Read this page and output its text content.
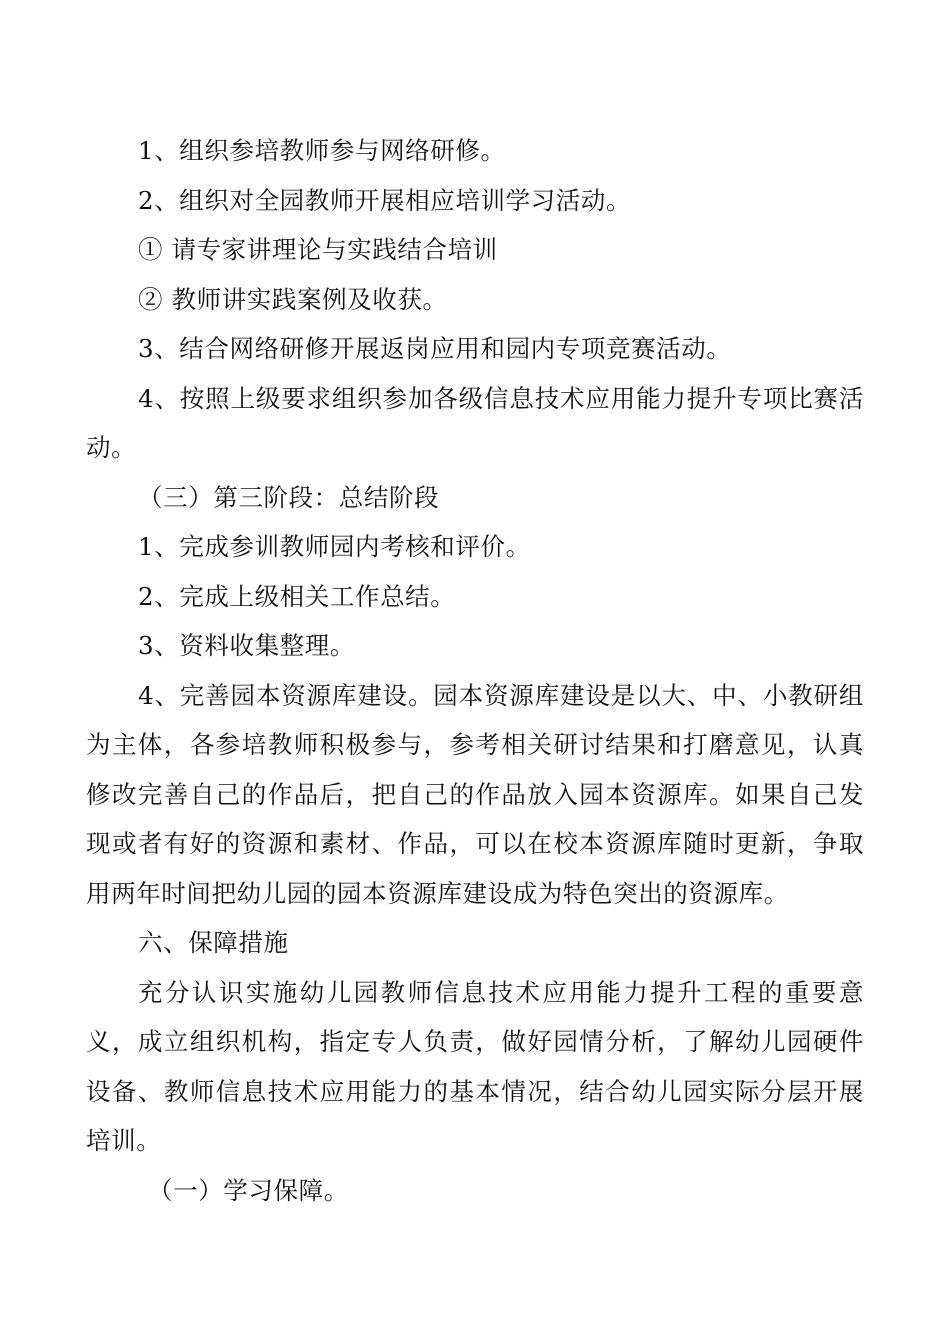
1、组织参培教师参与网络研修。

2、组织对全园教师开展相应培训学习活动。

① 请专家讲理论与实践结合培训

② 教师讲实践案例及收获。

3、结合网络研修开展返岗应用和园内专项竞赛活动。

4、按照上级要求组织参加各级信息技术应用能力提升专项比赛活动。

（三）第三阶段：总结阶段

1、完成参训教师园内考核和评价。

2、完成上级相关工作总结。

3、资料收集整理。

4、完善园本资源库建设。园本资源库建设是以大、中、小教研组为主体，各参培教师积极参与，参考相关研讨结果和打磨意见，认真修改完善自己的作品后，把自己的作品放入园本资源库。如果自己发现或者有好的资源和素材、作品，可以在校本资源库随时更新，争取用两年时间把幼儿园的园本资源库建设成为特色突出的资源库。

六、保障措施

充分认识实施幼儿园教师信息技术应用能力提升工程的重要意义，成立组织机构，指定专人负责，做好园情分析，了解幼儿园硬件设备、教师信息技术应用能力的基本情况，结合幼儿园实际分层开展培训。

（一）学习保障。
